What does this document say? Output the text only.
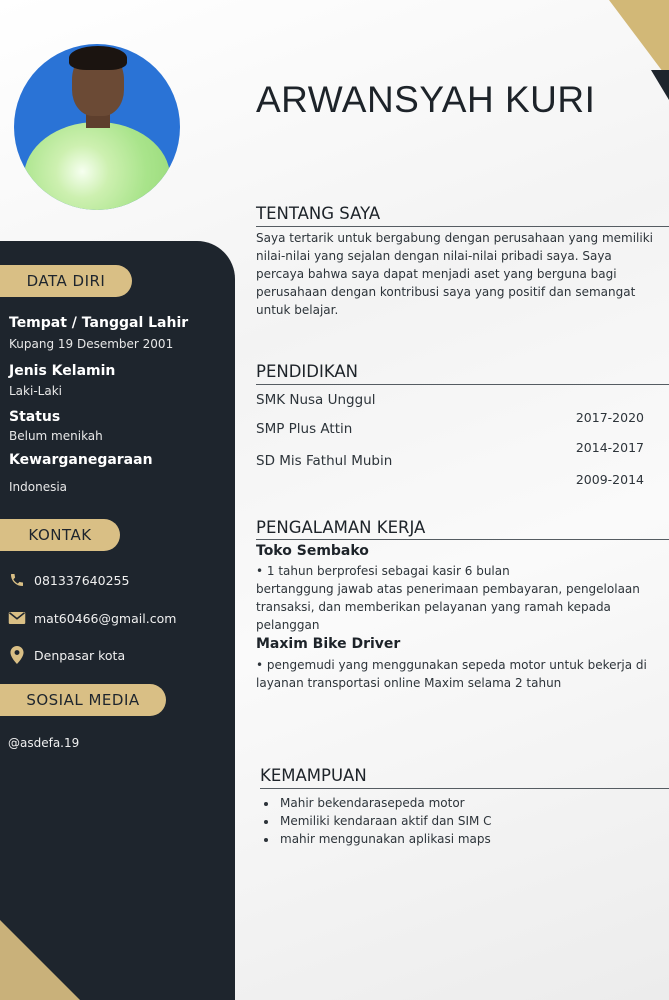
DATA DIRI
Tempat / Tanggal Lahir
Kupang 19 Desember 2001
Jenis Kelamin
Laki-Laki
Status
Belum menikah
Kewarganegaraan
Indonesia
KONTAK
081337640255
mat60466@gmail.com
Denpasar kota
SOSIAL MEDIA
@asdefa.19
ARWANSYAH KURI
TENTANG SAYA
Saya tertarik untuk bergabung dengan perusahaan yang memiliki
nilai-nilai yang sejalan dengan nilai-nilai pribadi saya. Saya
percaya bahwa saya dapat menjadi aset yang berguna bagi
perusahaan dengan kontribusi saya yang positif dan semangat
untuk belajar.
PENDIDIKAN
SMK Nusa Unggul
SMP Plus Attin
SD Mis Fathul Mubin
2017-2020
2014-2017
2009-2014
PENGALAMAN KERJA
Toko Sembako
• 1 tahun berprofesi sebagai kasir 6 bulan
bertanggung jawab atas penerimaan pembayaran, pengelolaan
transaksi, dan memberikan pelayanan yang ramah kepada
pelanggan
Maxim Bike Driver
• pengemudi yang menggunakan sepeda motor untuk bekerja di
layanan transportasi online Maxim selama 2 tahun
KEMAMPUAN
• Mahir bekendarasepeda motor
• Memiliki kendaraan aktif dan SIM C
• mahir menggunakan aplikasi maps
